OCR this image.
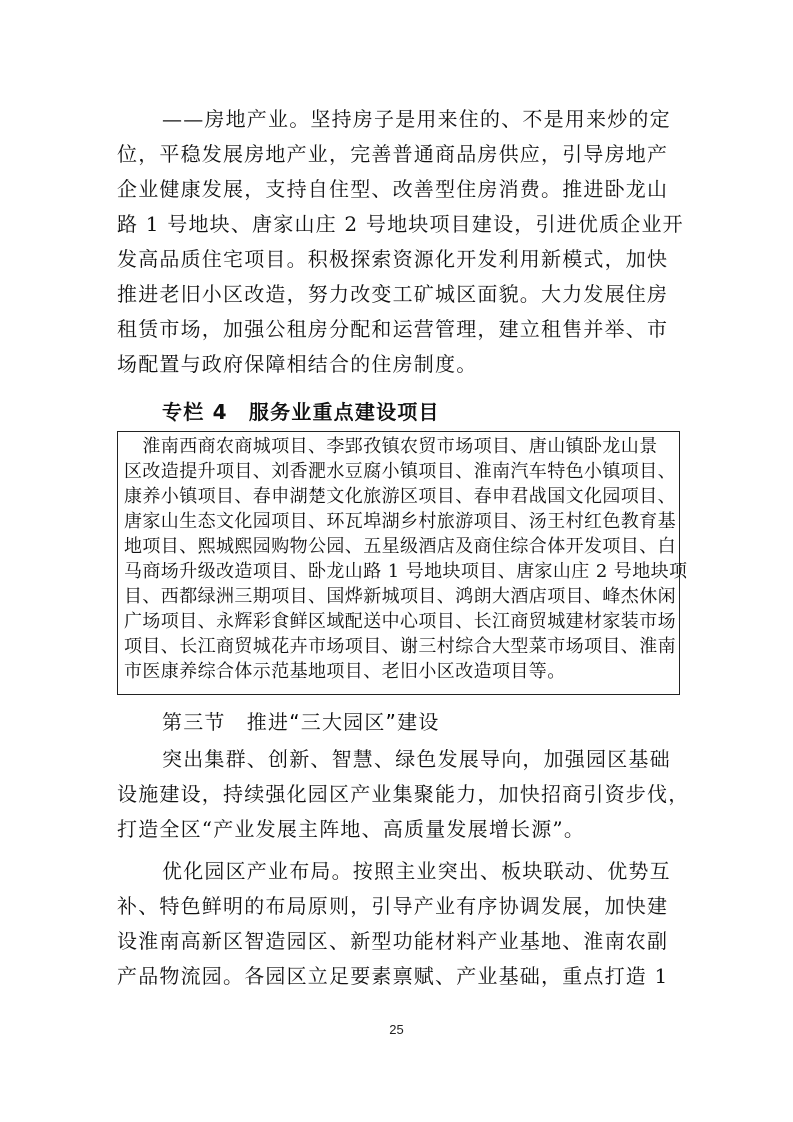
——房地产业。坚持房子是用来住的、不是用来炒的定
位，平稳发展房地产业，完善普通商品房供应，引导房地产
企业健康发展，支持自住型、改善型住房消费。推进卧龙山
路 1 号地块、唐家山庄 2 号地块项目建设，引进优质企业开
发高品质住宅项目。积极探索资源化开发利用新模式，加快
推进老旧小区改造，努力改变工矿城区面貌。大力发展住房
租赁市场，加强公租房分配和运营管理，建立租售并举、市
场配置与政府保障相结合的住房制度。
专栏 4　服务业重点建设项目
　淮南西商农商城项目、李郢孜镇农贸市场项目、唐山镇卧龙山景
区改造提升项目、刘香淝水豆腐小镇项目、淮南汽车特色小镇项目、
康养小镇项目、春申湖楚文化旅游区项目、春申君战国文化园项目、
唐家山生态文化园项目、环瓦埠湖乡村旅游项目、汤王村红色教育基
地项目、熙城熙园购物公园、五星级酒店及商住综合体开发项目、白
马商场升级改造项目、卧龙山路 1 号地块项目、唐家山庄 2 号地块项
目、西都绿洲三期项目、国烨新城项目、鸿朗大酒店项目、峰杰休闲
广场项目、永辉彩食鲜区域配送中心项目、长江商贸城建材家装市场
项目、长江商贸城花卉市场项目、谢三村综合大型菜市场项目、淮南
市医康养综合体示范基地项目、老旧小区改造项目等。
第三节　推进“三大园区”建设
突出集群、创新、智慧、绿色发展导向，加强园区基础
设施建设，持续强化园区产业集聚能力，加快招商引资步伐，
打造全区“产业发展主阵地、高质量发展增长源”。
优化园区产业布局。按照主业突出、板块联动、优势互
补、特色鲜明的布局原则，引导产业有序协调发展，加快建
设淮南高新区智造园区、新型功能材料产业基地、淮南农副
产品物流园。各园区立足要素禀赋、产业基础，重点打造 1
25
